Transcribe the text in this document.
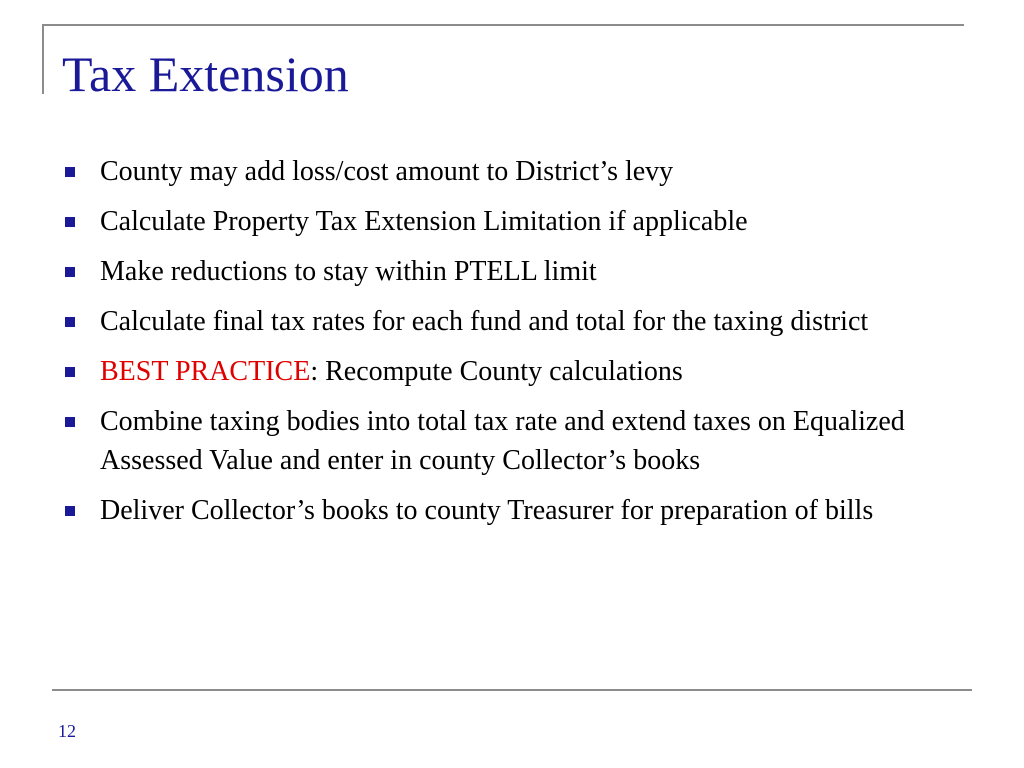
Tax Extension
County may add loss/cost amount to District’s levy
Calculate Property Tax Extension Limitation if applicable
Make reductions to stay within PTELL limit
Calculate final tax rates for each fund and total for the taxing district
BEST PRACTICE: Recompute County calculations
Combine taxing bodies into total tax rate and extend taxes on Equalized Assessed Value and enter in county Collector’s books
Deliver Collector’s books to county Treasurer for preparation of bills
12
